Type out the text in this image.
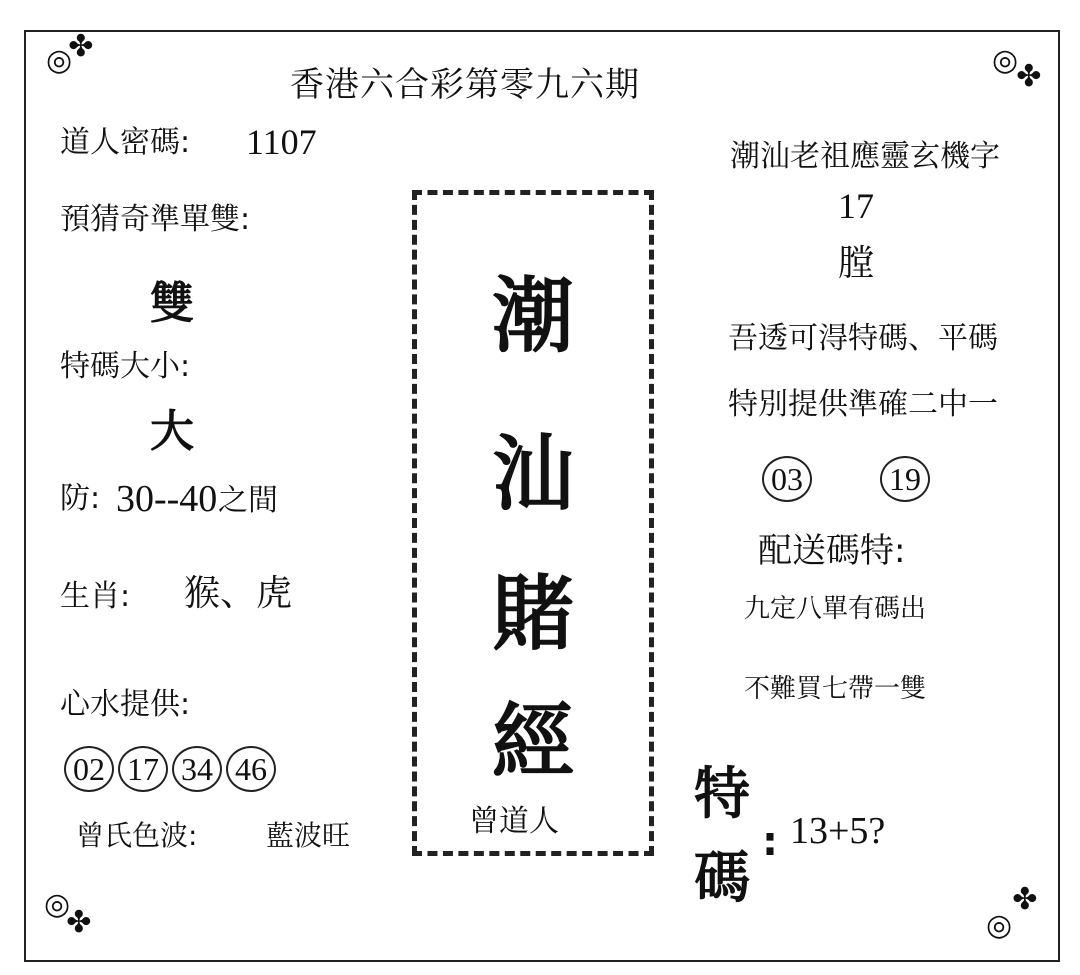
◎✤	◎✤
◎✤	◎✤
香港六合彩第零九六期
道人密碼: 1107
預猜奇準單雙:
雙
特碼大小:
大
防: 30--40 之間
生肖: 猴、虎
心水提供:
02 17 34 46
曾氏色波: 藍波旺
潮
汕
賭
經
曾道人
潮汕老祖應靈玄機字
17
膛
吾透可淂特碼、平碼
特別提供準確二中一
03	19
配送碼特:
九定八單有碼出
不難買七帶一雙
特
碼
: 13+5?
